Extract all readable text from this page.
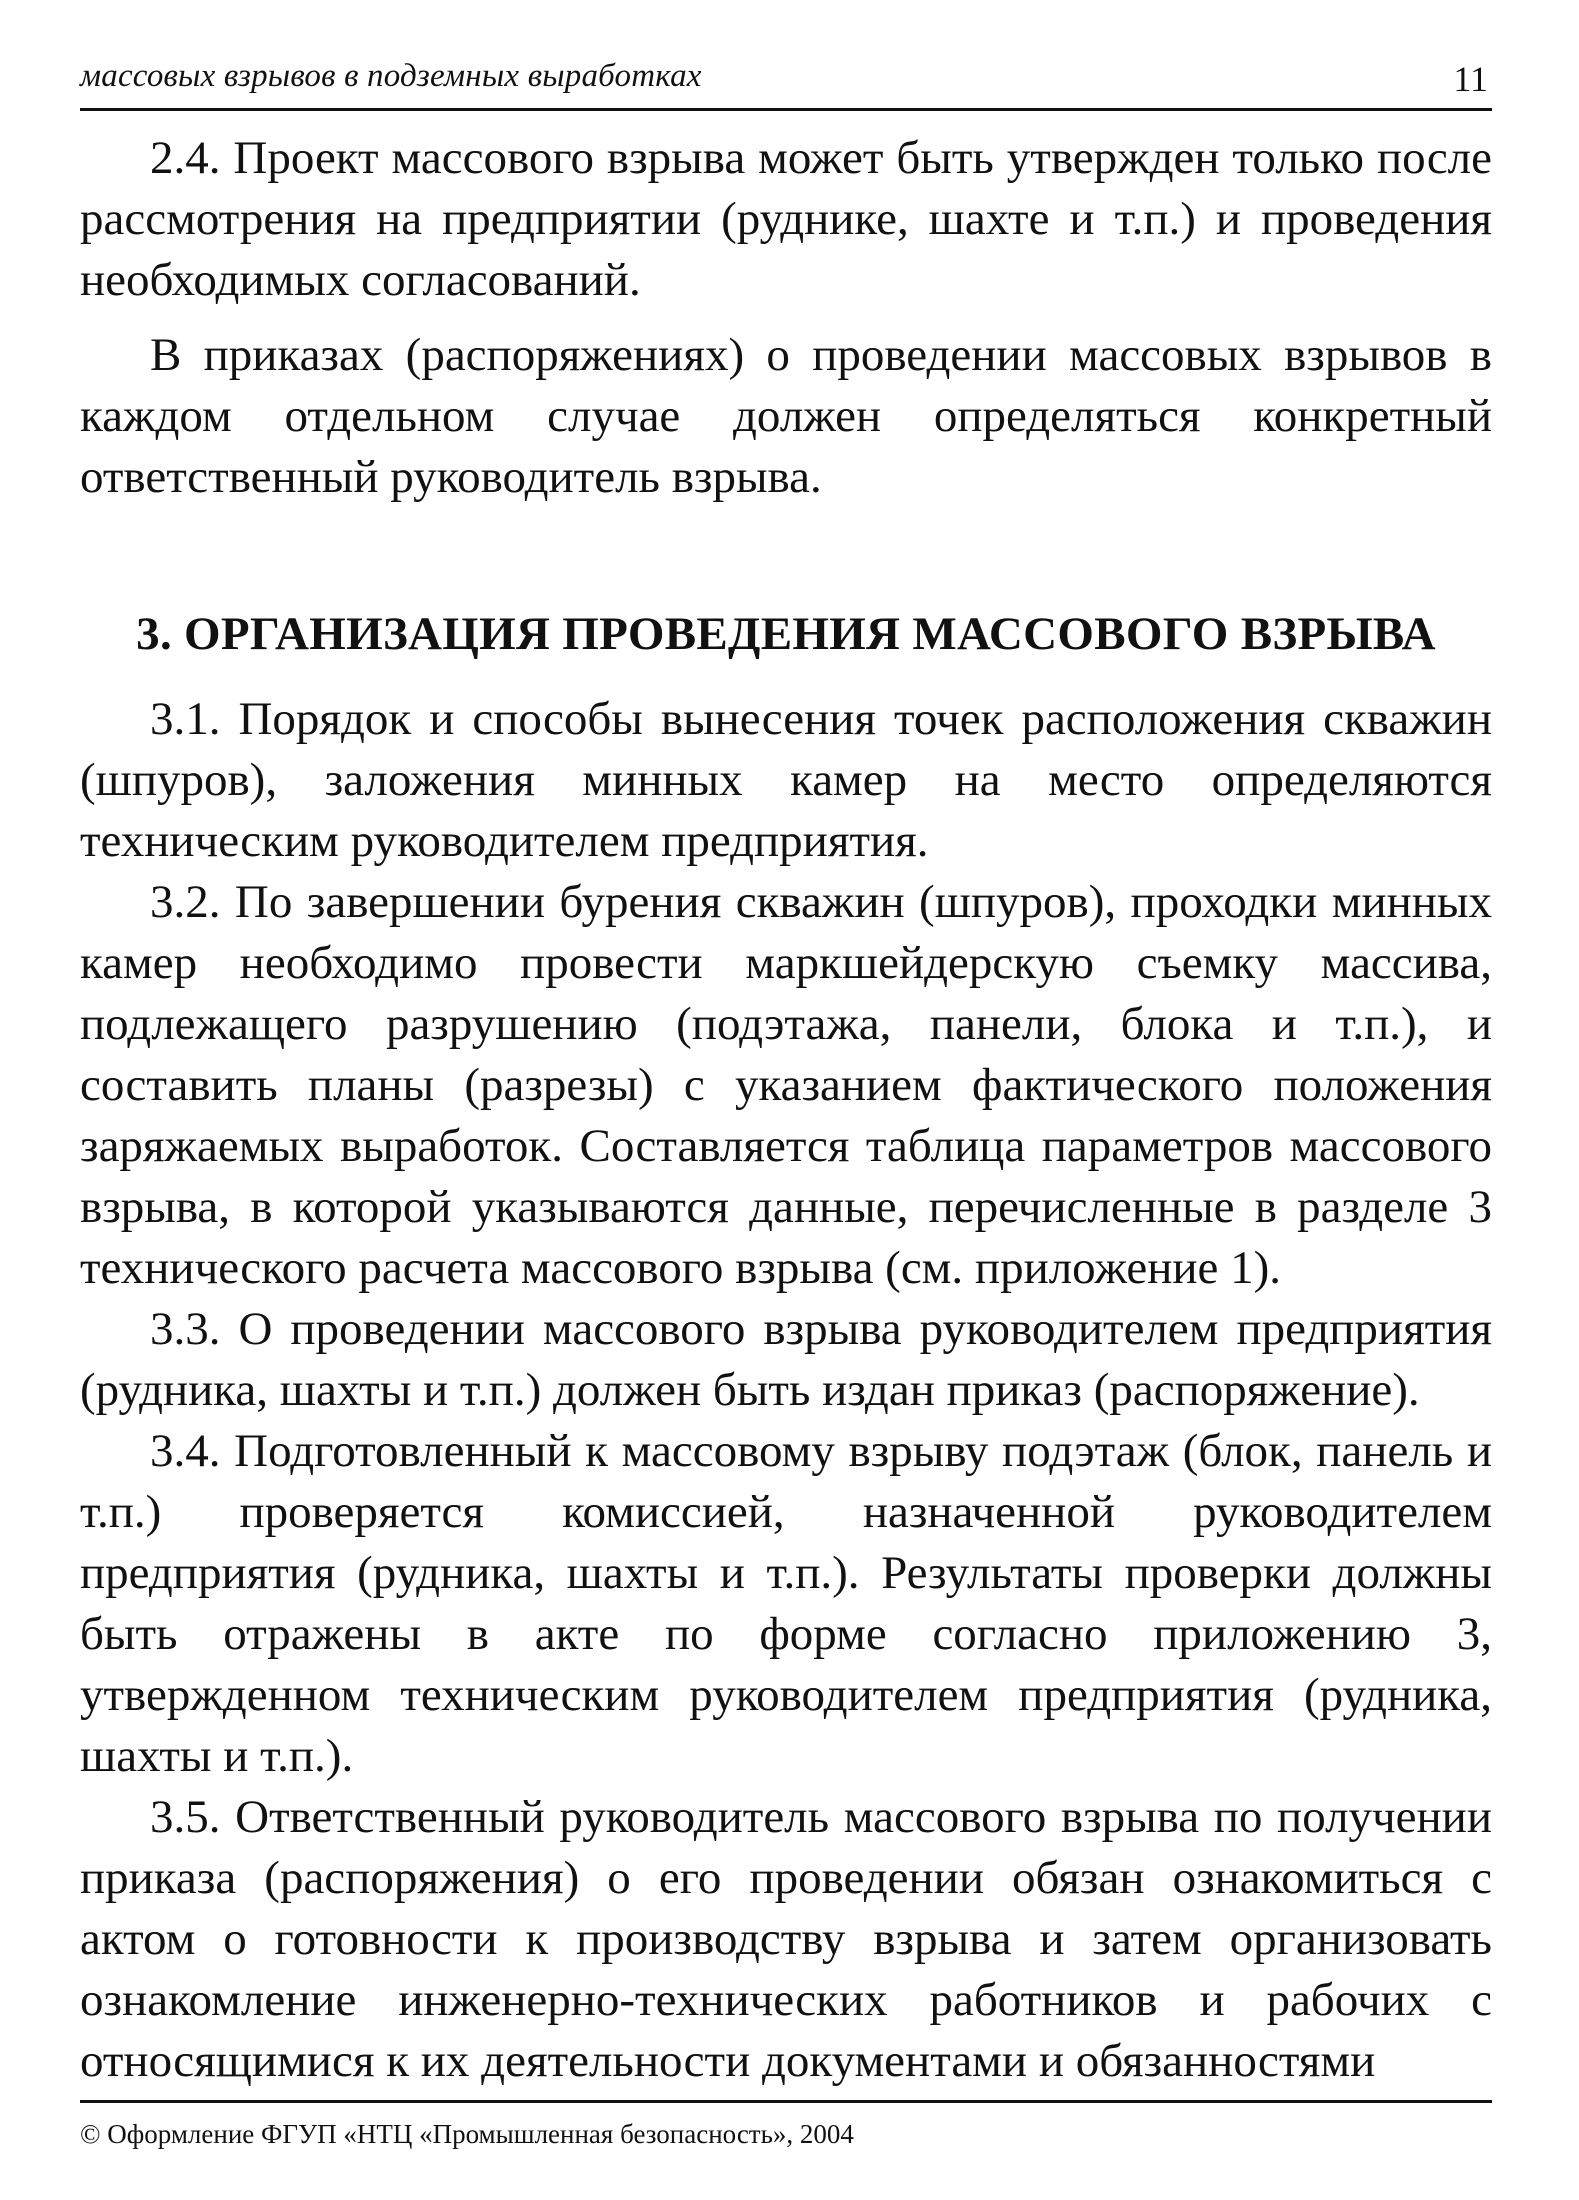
массовых взрывов в подземных выработках	11

2.4. Проект массового взрыва может быть утвержден только после рассмотрения на предприятии (руднике, шахте и т.п.) и проведения необходимых согласований.

В приказах (распоряжениях) о проведении массовых взрывов в каждом отдельном случае должен определяться конкретный ответственный руководитель взрыва.

3. ОРГАНИЗАЦИЯ ПРОВЕДЕНИЯ МАССОВОГО ВЗРЫВА

3.1. Порядок и способы вынесения точек расположения скважин (шпуров), заложения минных камер на место определяются техническим руководителем предприятия.

3.2. По завершении бурения скважин (шпуров), проходки минных камер необходимо провести маркшейдерскую съемку массива, подлежащего разрушению (подэтажа, панели, блока и т.п.), и составить планы (разрезы) с указанием фактического положения заряжаемых выработок. Составляется таблица параметров массового взрыва, в которой указываются данные, перечисленные в разделе 3 технического расчета массового взрыва (см. приложение 1).

3.3. О проведении массового взрыва руководителем предприятия (рудника, шахты и т.п.) должен быть издан приказ (распоряжение).

3.4. Подготовленный к массовому взрыву подэтаж (блок, панель и т.п.) проверяется комиссией, назначенной руководителем предприятия (рудника, шахты и т.п.). Результаты проверки должны быть отражены в акте по форме согласно приложению 3, утвержденном техническим руководителем предприятия (рудника, шахты и т.п.).

3.5. Ответственный руководитель массового взрыва по получении приказа (распоряжения) о его проведении обязан ознакомиться с актом о готовности к производству взрыва и затем организовать ознакомление инженерно-технических работников и рабочих с относящимися к их деятельности документами и обязанностями

© Оформление ФГУП «НТЦ «Промышленная безопасность», 2004
